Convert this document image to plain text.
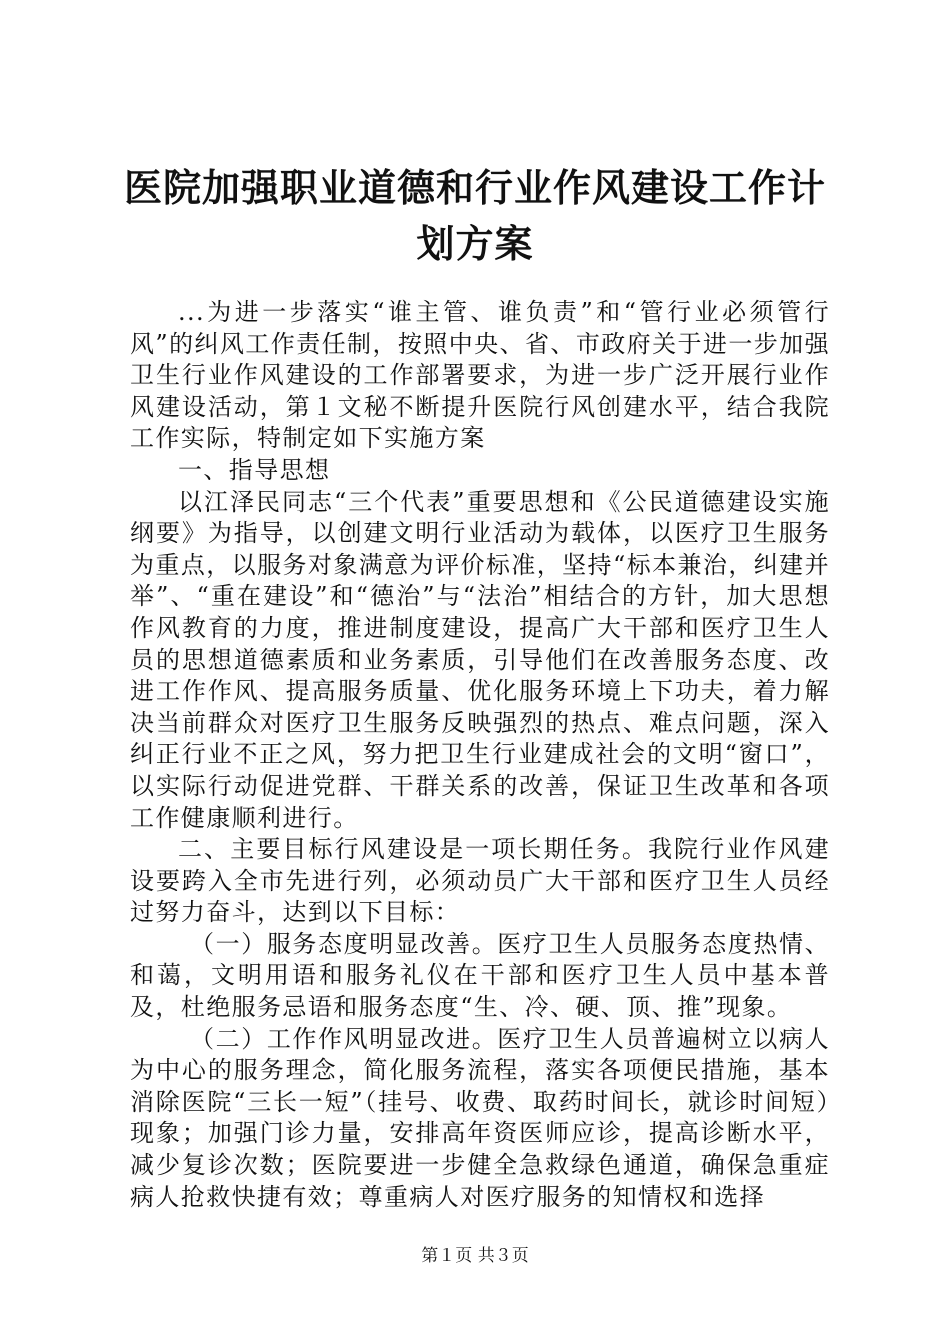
医院加强职业道德和行业作风建设工作计划方案

...为进一步落实“谁主管、谁负责”和“管行业必须管行风”的纠风工作责任制，按照中央、省、市政府关于进一步加强卫生行业作风建设的工作部署要求，为进一步广泛开展行业作风建设活动，第１文秘不断提升医院行风创建水平，结合我院工作实际，特制定如下实施方案

一、指导思想

以江泽民同志“三个代表”重要思想和《公民道德建设实施纲要》为指导，以创建文明行业活动为载体，以医疗卫生服务为重点，以服务对象满意为评价标准，坚持“标本兼治，纠建并举”、“重在建设”和“德治”与“法治”相结合的方针，加大思想作风教育的力度，推进制度建设，提高广大干部和医疗卫生人员的思想道德素质和业务素质，引导他们在改善服务态度、改进工作作风、提高服务质量、优化服务环境上下功夫，着力解决当前群众对医疗卫生服务反映强烈的热点、难点问题，深入纠正行业不正之风，努力把卫生行业建成社会的文明“窗口”，以实际行动促进党群、干群关系的改善，保证卫生改革和各项工作健康顺利进行。

二、主要目标行风建设是一项长期任务。我院行业作风建设要跨入全市先进行列，必须动员广大干部和医疗卫生人员经过努力奋斗，达到以下目标：

（一）服务态度明显改善。医疗卫生人员服务态度热情、和蔼，文明用语和服务礼仪在干部和医疗卫生人员中基本普及，杜绝服务忌语和服务态度“生、冷、硬、顶、推”现象。

（二）工作作风明显改进。医疗卫生人员普遍树立以病人为中心的服务理念，简化服务流程，落实各项便民措施，基本消除医院“三长一短”（挂号、收费、取药时间长，就诊时间短）现象；加强门诊力量，安排高年资医师应诊，提高诊断水平，减少复诊次数；医院要进一步健全急救绿色通道，确保急重症病人抢救快捷有效；尊重病人对医疗服务的知情权和选择

第１页 共３页
